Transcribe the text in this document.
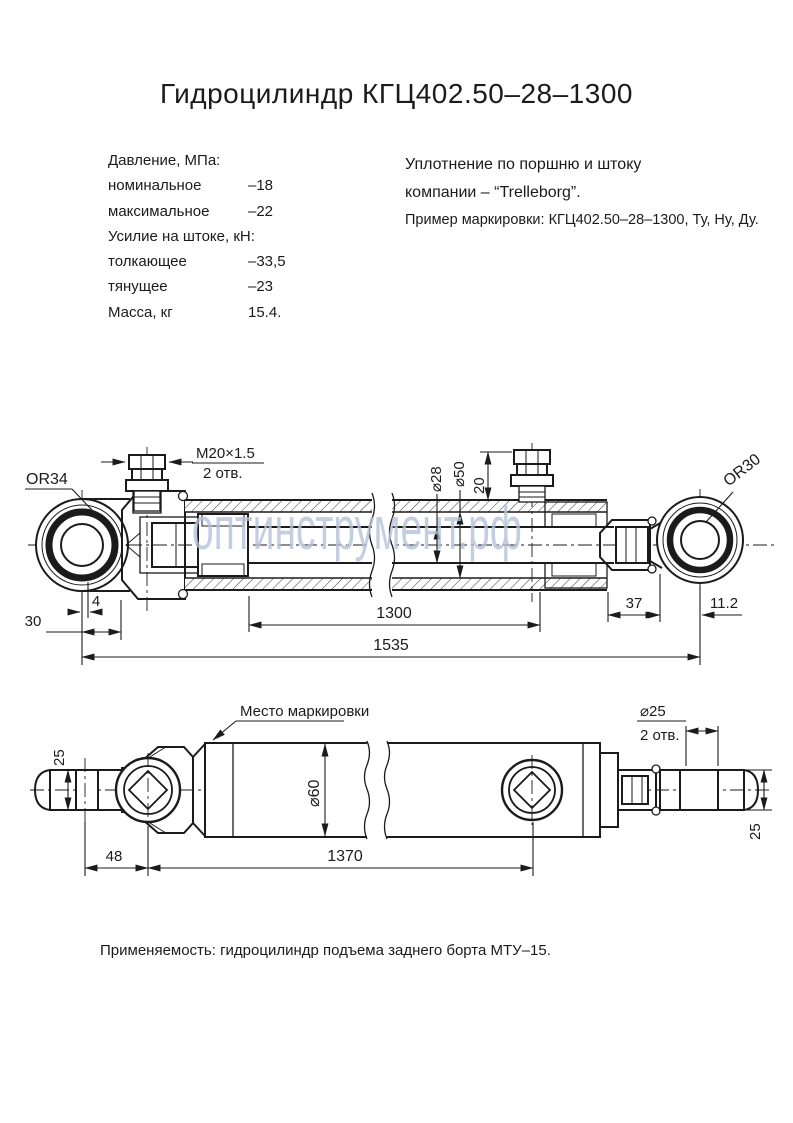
Гидроцилиндр КГЦ402.50–28–1300
Давление, МПа:
номинальное	–18
максимальное	–22
Усилие на штоке, кН:
толкающее	–33,5
тянущее	–23
Масса, кг	15.4.

Уплотнение по поршню и штоку

компании – “Trelleborg”.

Пример маркировки: КГЦ402.50–28–1300, Ту, Ну, Ду.

M20×1.5
2 отв.
OR34	OR30
⌀28 ⌀50 20
4
30	1300
37	11.2
1535
оптинструмент.рф
25
Место маркировки
⌀60
⌀25
2 отв.
25
48	1370
Применяемость: гидроцилиндр подъема заднего борта МТУ–15.
